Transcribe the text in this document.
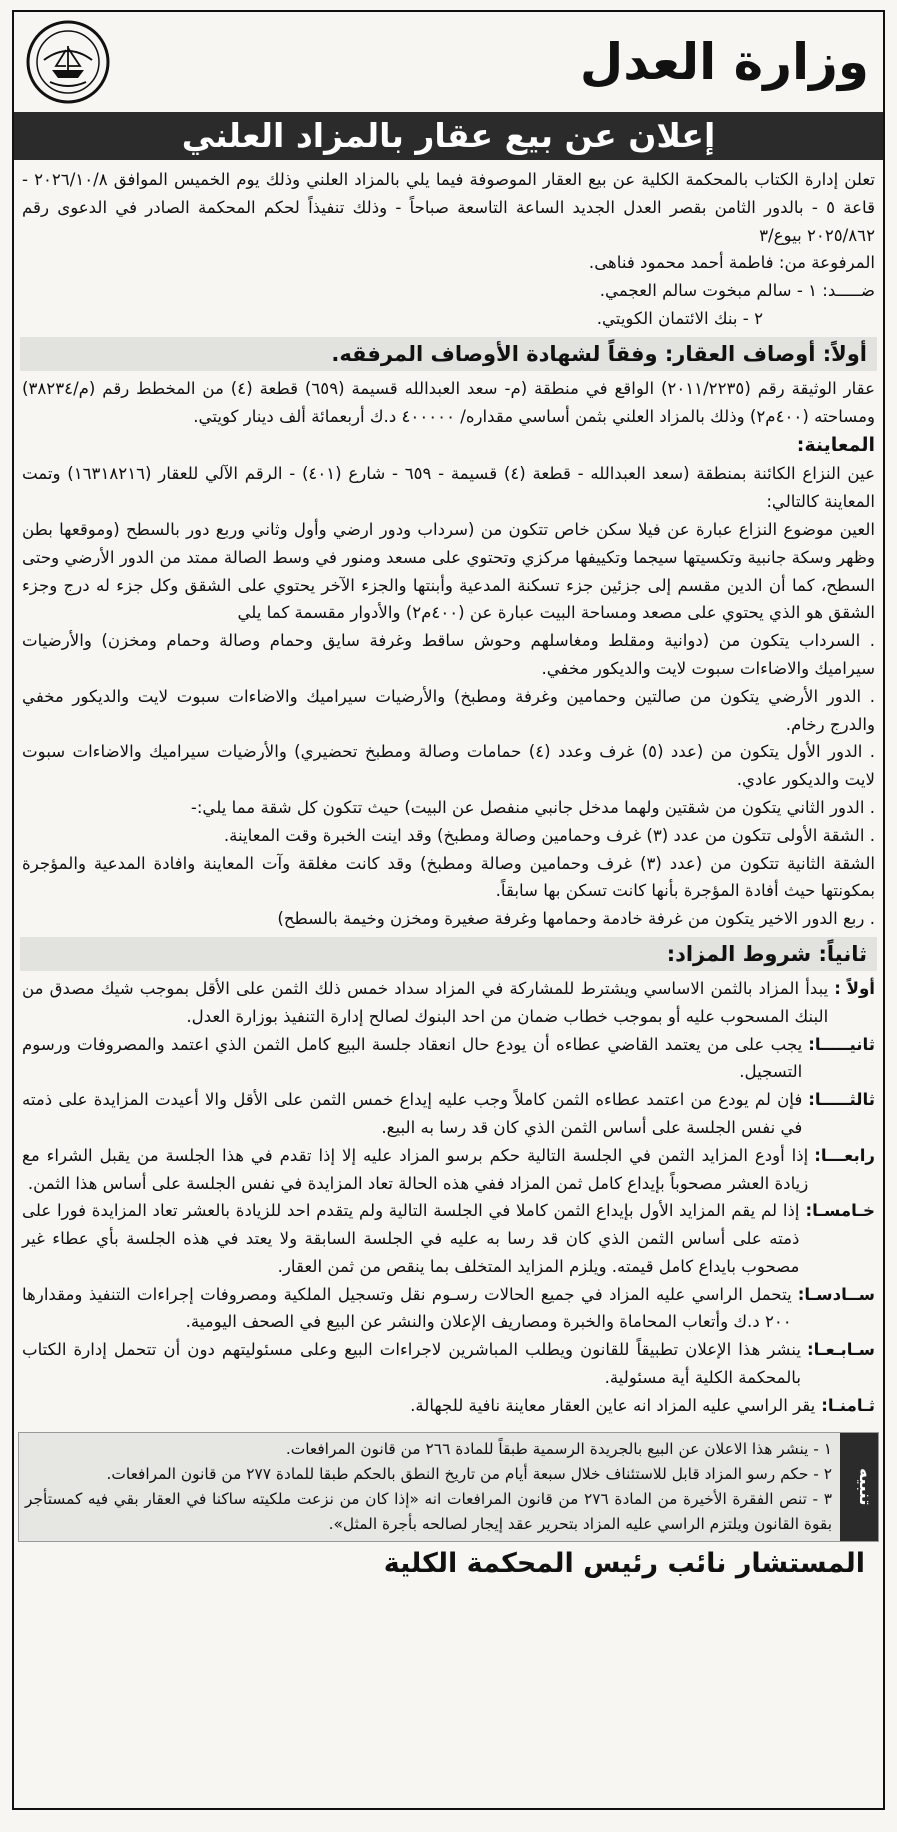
وزارة العدل
إعلان عن بيع عقار بالمزاد العلني

تعلن إدارة الكتاب بالمحكمة الكلية عن بيع العقار الموصوفة فيما يلي بالمزاد العلني وذلك يوم الخميس الموافق ٢٠٢٦/١٠/٨ - قاعة ٥ - بالدور الثامن بقصر العدل الجديد الساعة التاسعة صباحاً - وذلك تنفيذاً لحكم المحكمة الصادر في الدعوى رقم ٢٠٢٥/٨٦٢ بيوع/٣

المرفوعة من: فاطمة أحمد محمود فناهى.

ضـــــد: ١ - سالم مبخوت سالم العجمي.

٢ - بنك الائتمان الكويتي.

أولاً: أوصاف العقار: وفقاً لشهادة الأوصاف المرفقه.

عقار الوثيقة رقم (٢٠١١/٢٢٣٥) الواقع في منطقة (م- سعد العبدالله قسيمة (٦٥٩) قطعة (٤) من المخطط رقم (م/٣٨٢٣٤) ومساحته (٤٠٠م٢) وذلك بالمزاد العلني بثمن أساسي مقداره/ ٤٠٠٠٠٠ د.ك أربعمائة ألف دينار كويتي.

المعاينة:

عين النزاع الكائنة بمنطقة (سعد العبدالله - قطعة (٤) قسيمة - ٦٥٩ - شارع (٤٠١) - الرقم الآلي للعقار (١٦٣١٨٢١٦) وتمت المعاينة كالتالي:

العين موضوع النزاع عبارة عن فيلا سكن خاص تتكون من (سرداب ودور ارضي وأول وثاني وربع دور بالسطح (وموقعها بطن وظهر وسكة جانبية وتكسيتها سيجما وتكييفها مركزي وتحتوي على مسعد ومنور في وسط الصالة ممتد من الدور الأرضي وحتى السطح، كما أن الدين مقسم إلى جزئين جزء تسكنة المدعية وأبنتها والجزء الآخر يحتوي على الشقق وكل جزء له درج وجزء الشقق هو الذي يحتوي على مصعد ومساحة البيت عبارة عن (٤٠٠م٢) والأدوار مقسمة كما يلي

. السرداب يتكون من (دوانية ومقلط ومغاسلهم وحوش ساقط وغرفة سايق وحمام وصالة وحمام ومخزن) والأرضيات سيراميك والاضاءات سبوت لايت والديكور مخفي.

. الدور الأرضي يتكون من صالتين وحمامين وغرفة ومطبخ) والأرضيات سيراميك والاضاءات سبوت لايت والديكور مخفي والدرج رخام.

. الدور الأول يتكون من (عدد (٥) غرف وعدد (٤) حمامات وصالة ومطبخ تحضيري) والأرضيات سيراميك والاضاءات سبوت لايت والديكور عادي.

. الدور الثاني يتكون من شقتين ولهما مدخل جانبي منفصل عن البيت) حيث تتكون كل شقة مما يلي:-

. الشقة الأولى تتكون من عدد (٣) غرف وحمامين وصالة ومطبخ) وقد اينت الخبرة وقت المعاينة.

الشقة الثانية تتكون من (عدد (٣) غرف وحمامين وصالة ومطبخ) وقد كانت مغلقة وآت المعاينة وافادة المدعية والمؤجرة بمكونتها حيث أفادة المؤجرة بأنها كانت تسكن بها سابقاً.

. ربع الدور الاخير يتكون من غرفة خادمة وحمامها وغرفة صغيرة ومخزن وخيمة بالسطح)

ثانياً: شروط المزاد:
أولاً :
يبدأ المزاد بالثمن الاساسي ويشترط للمشاركة في المزاد سداد خمس ذلك الثمن على الأقل بموجب شيك مصدق من البنك المسحوب عليه أو بموجب خطاب ضمان من احد البنوك لصالح إدارة التنفيذ بوزارة العدل.
ثانيـــــا:
يجب على من يعتمد القاضي عطاءه أن يودع حال انعقاد جلسة البيع كامل الثمن الذي اعتمد والمصروفات ورسوم التسجيل.
ثالثـــــا:
فإن لم يودع من اعتمد عطاءه الثمن كاملاً وجب عليه إيداع خمس الثمن على الأقل والا أعيدت المزايدة على ذمته في نفس الجلسة على أساس الثمن الذي كان قد رسا به البيع.
رابعـــا:
إذا أودع المزايد الثمن في الجلسة التالية حكم برسو المزاد عليه إلا إذا تقدم في هذا الجلسة من يقبل الشراء مع زيادة العشر مصحوباً بإيداع كامل ثمن المزاد ففي هذه الحالة تعاد المزايدة في نفس الجلسة على أساس هذا الثمن.
خـامسـا:
إذا لم يقم المزايد الأول بإيداع الثمن كاملا في الجلسة التالية ولم يتقدم احد للزيادة بالعشر تعاد المزايدة فورا على ذمته على أساس الثمن الذي كان قد رسا به عليه في الجلسة السابقة ولا يعتد في هذه الجلسة بأي عطاء غير مصحوب بايداع كامل قيمته. ويلزم المزايد المتخلف بما ينقص من ثمن العقار.
ســادسـا:
يتحمل الراسي عليه المزاد في جميع الحالات رسـوم نقل وتسجيل الملكية ومصروفات إجراءات التنفيذ ومقدارها ٢٠٠ د.ك وأتعاب المحاماة والخبرة ومصاريف الإعلان والنشر عن البيع في الصحف اليومية.
سـابـعـا:
ينشر هذا الإعلان تطبيقاً للقانون ويطلب المباشرين لاجراءات البيع وعلى مسئوليتهم دون أن تتحمل إدارة الكتاب بالمحكمة الكلية أية مسئولية.
ثـامنـا:
يقر الراسي عليه المزاد انه عاين العقار معاينة نافية للجهالة.
تنبيه

١ - ينشر هذا الاعلان عن البيع بالجريدة الرسمية طبقاً للمادة ٢٦٦ من قانون المرافعات.

٢ - حكم رسو المزاد قابل للاستئناف خلال سبعة أيام من تاريخ النطق بالحكم طبقا للمادة ٢٧٧ من قانون المرافعات.

٣ - تنص الفقرة الأخيرة من المادة ٢٧٦ من قانون المرافعات انه «إذا كان من نزعت ملكيته ساكنا في العقار بقي فيه كمستأجر بقوة القانون ويلتزم الراسي عليه المزاد بتحرير عقد إيجار لصالحه بأجرة المثل».

المستشار نائب رئيس المحكمة الكلية
